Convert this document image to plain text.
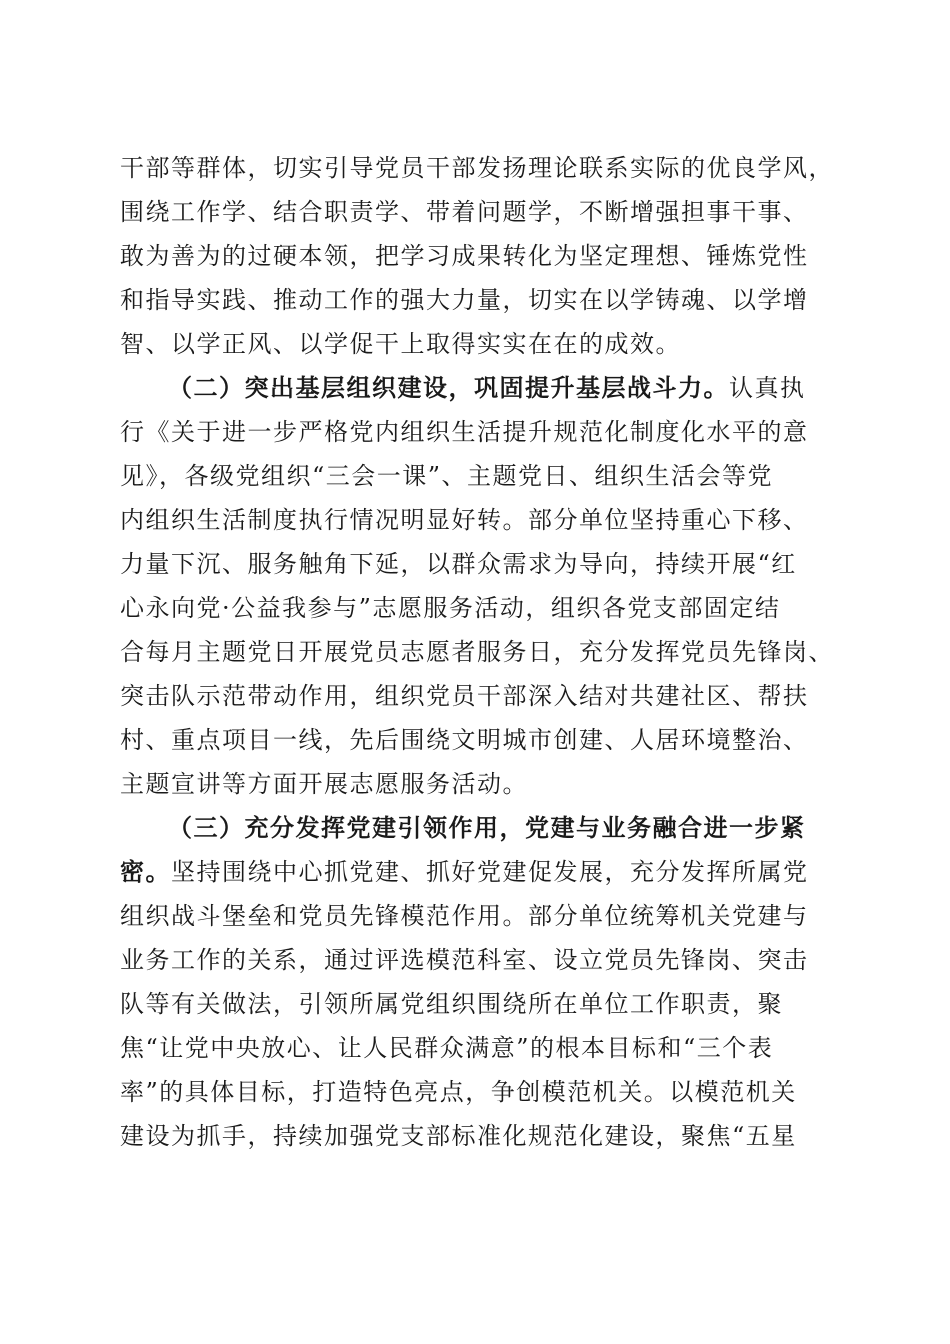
干部等群体，切实引导党员干部发扬理论联系实际的优良学风，
围绕工作学、结合职责学、带着问题学，不断增强担事干事、
敢为善为的过硬本领，把学习成果转化为坚定理想、锤炼党性
和指导实践、推动工作的强大力量，切实在以学铸魂、以学增
智、以学正风、以学促干上取得实实在在的成效。
（二）突出基层组织建设，巩固提升基层战斗力。认真执
行《关于进一步严格党内组织生活提升规范化制度化水平的意
见》，各级党组织“三会一课”、主题党日、组织生活会等党
内组织生活制度执行情况明显好转。部分单位坚持重心下移、
力量下沉、服务触角下延，以群众需求为导向，持续开展“红
心永向党·公益我参与”志愿服务活动，组织各党支部固定结
合每月主题党日开展党员志愿者服务日，充分发挥党员先锋岗、
突击队示范带动作用，组织党员干部深入结对共建社区、帮扶
村、重点项目一线，先后围绕文明城市创建、人居环境整治、
主题宣讲等方面开展志愿服务活动。
（三）充分发挥党建引领作用，党建与业务融合进一步紧
密。坚持围绕中心抓党建、抓好党建促发展，充分发挥所属党
组织战斗堡垒和党员先锋模范作用。部分单位统筹机关党建与
业务工作的关系，通过评选模范科室、设立党员先锋岗、突击
队等有关做法，引领所属党组织围绕所在单位工作职责，聚
焦“让党中央放心、让人民群众满意”的根本目标和“三个表
率”的具体目标，打造特色亮点，争创模范机关。以模范机关
建设为抓手，持续加强党支部标准化规范化建设，聚焦“五星
